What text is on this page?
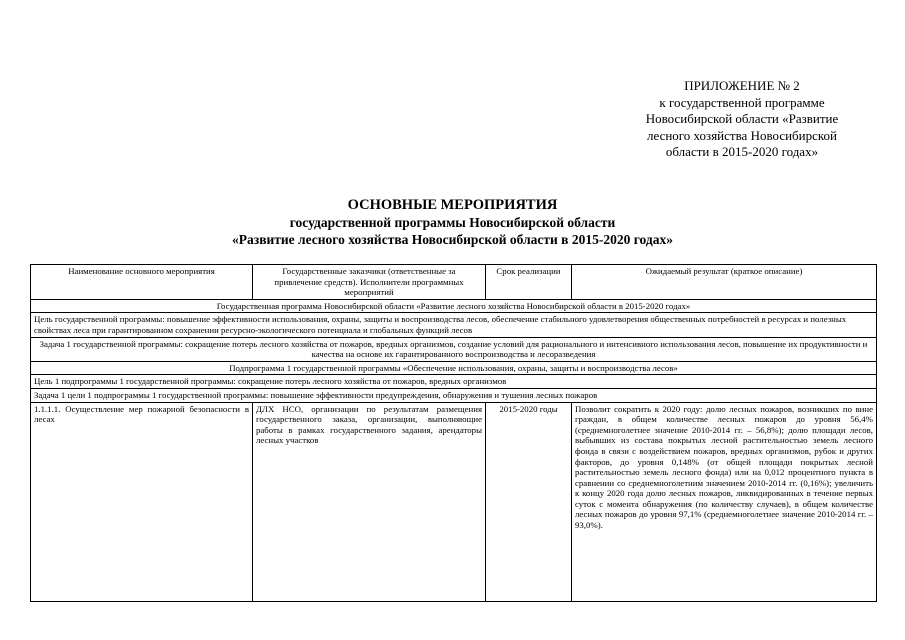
ПРИЛОЖЕНИЕ № 2
к государственной программе
Новосибирской области «Развитие
лесного хозяйства Новосибирской
области в 2015-2020 годах»
ОСНОВНЫЕ МЕРОПРИЯТИЯ
государственной программы Новосибирской области
«Развитие лесного хозяйства Новосибирской области в 2015-2020 годах»
Наименование основного мероприятия	Государственные заказчики (ответственные за привлечение средств). Исполнители программных мероприятий	Срок реализации	Ожидаемый результат (краткое описание)
Государственная программа Новосибирской области «Развитие лесного хозяйства Новосибирской области в 2015-2020 годах»			
Цель государственной программы: повышение эффективности использования, охраны, защиты и воспроизводства лесов, обеспечение стабильного удовлетворения общественных потребностей в ресурсах и полезных свойствах леса при гарантированном сохранении ресурсно-экологического потенциала и глобальных функций лесов			
Задача 1 государственной программы: сокращение потерь лесного хозяйства от пожаров, вредных организмов, создание условий для рационального и интенсивного использования лесов, повышение их продуктивности и качества на основе их гарантированного воспроизводства и лесоразведения			
Подпрограмма 1 государственной программы «Обеспечение использования, охраны, защиты и воспроизводства лесов»			
Цель 1 подпрограммы 1 государственной программы: сокращение потерь лесного хозяйства от пожаров, вредных организмов			
Задача 1 цели 1 подпрограммы 1 государственной программы: повышение эффективности предупреждения, обнаружения и тушения лесных пожаров			
1.1.1.1. Осуществление мер пожарной безопасности в лесах	ДЛХ НСО, организации по результатам размещения государственного заказа, организации, выполняющие работы в рамках государственного задания, арендаторы лесных участков	2015-2020 годы	Позволит сократить к 2020 году: долю лесных пожаров, возникших по вине граждан, в общем количестве лесных пожаров до уровня 56,4% (среднемноголетнее значение 2010-2014 гг. – 56,8%); долю площади лесов, выбывших из состава покрытых лесной растительностью земель лесного фонда в связи с воздействием пожаров, вредных организмов, рубок и других факторов, до уровня 0,148% (от общей площади покрытых лесной растительностью земель лесного фонда) или на 0,012 процентного пункта в сравнении со среднемноголетним значением 2010-2014 гг. (0,16%); увеличить к концу 2020 года долю лесных пожаров, ликвидированных в течение первых суток с момента обнаружения (по количеству случаев), в общем количестве лесных пожаров до уровня 97,1% (среднемноголетнее значение 2010-2014 гг. – 93,0%).
